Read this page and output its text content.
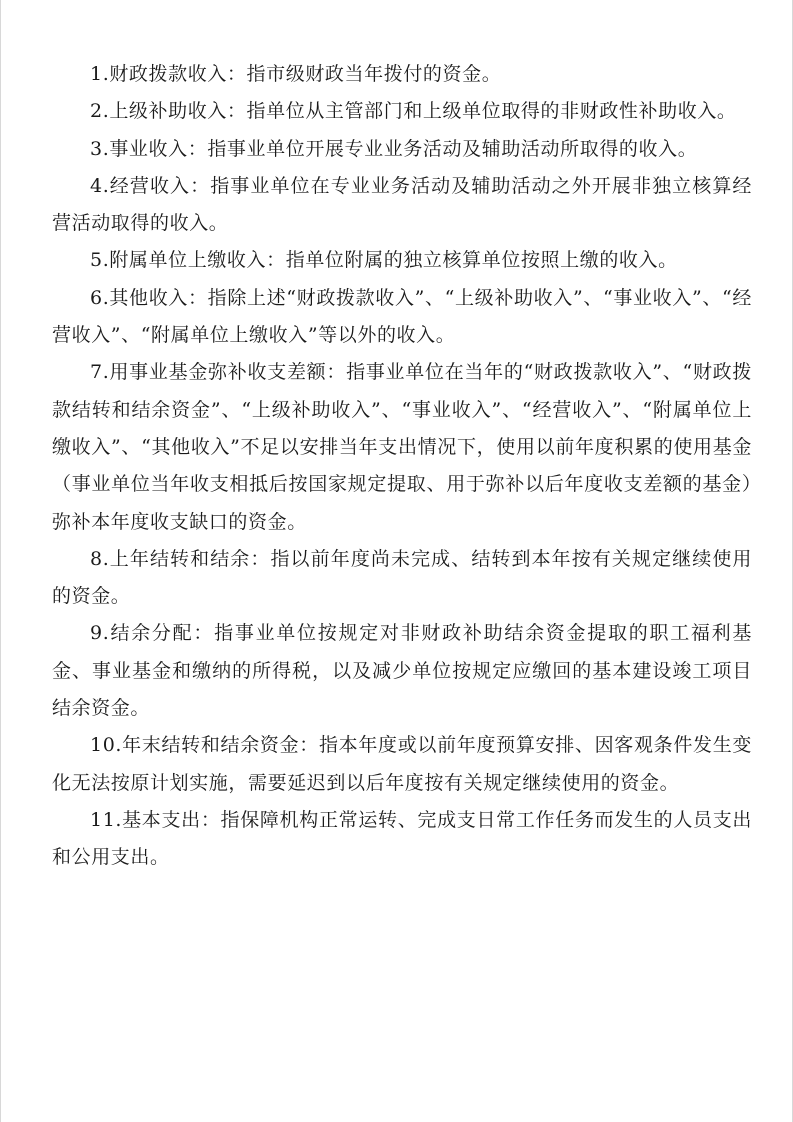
1.财政拨款收入：指市级财政当年拨付的资金。

2.上级补助收入：指单位从主管部门和上级单位取得的非财政性补助收入。

3.事业收入：指事业单位开展专业业务活动及辅助活动所取得的收入。

4.经营收入：指事业单位在专业业务活动及辅助活动之外开展非独立核算经营活动取得的收入。

5.附属单位上缴收入：指单位附属的独立核算单位按照上缴的收入。

6.其他收入：指除上述“财政拨款收入”、“上级补助收入”、“事业收入”、“经营收入”、“附属单位上缴收入”等以外的收入。

7.用事业基金弥补收支差额：指事业单位在当年的“财政拨款收入”、“财政拨款结转和结余资金”、“上级补助收入”、“事业收入”、“经营收入”、“附属单位上缴收入”、“其他收入”不足以安排当年支出情况下，使用以前年度积累的使用基金（事业单位当年收支相抵后按国家规定提取、用于弥补以后年度收支差额的基金）弥补本年度收支缺口的资金。

8.上年结转和结余：指以前年度尚未完成、结转到本年按有关规定继续使用的资金。

9.结余分配：指事业单位按规定对非财政补助结余资金提取的职工福利基金、事业基金和缴纳的所得税，以及减少单位按规定应缴回的基本建设竣工项目结余资金。

10.年末结转和结余资金：指本年度或以前年度预算安排、因客观条件发生变化无法按原计划实施，需要延迟到以后年度按有关规定继续使用的资金。

11.基本支出：指保障机构正常运转、完成支日常工作任务而发生的人员支出和公用支出。
